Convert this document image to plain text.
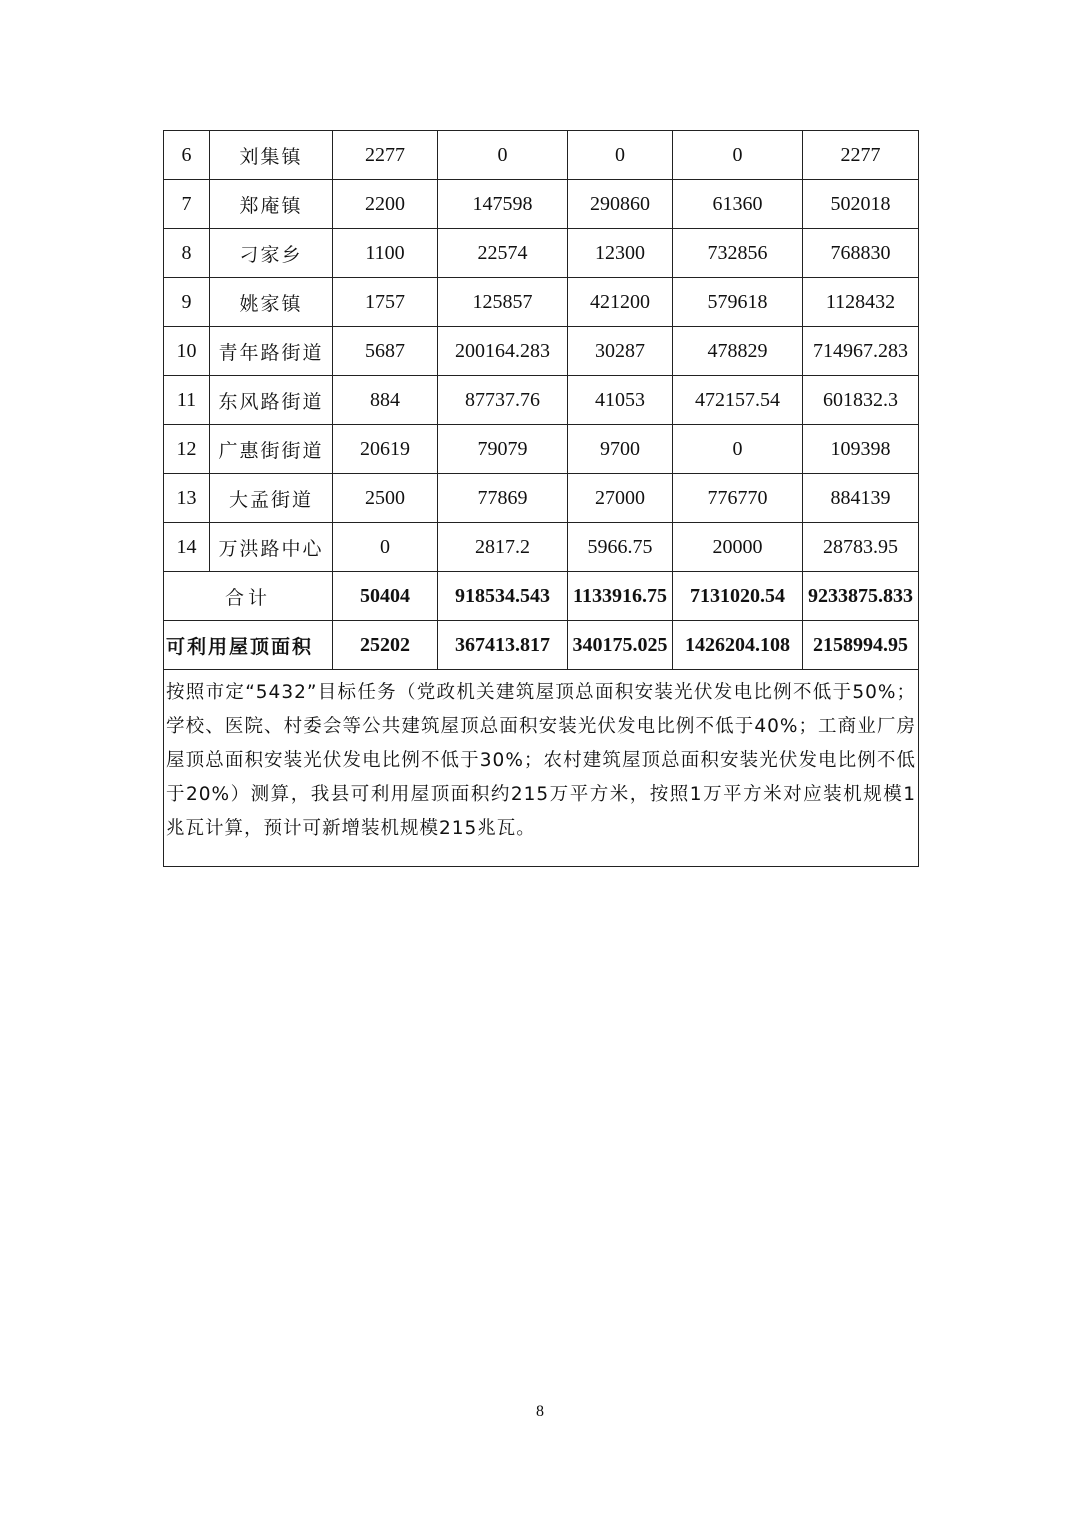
6	刘集镇	2277	0	0	0	2277
7	郑庵镇	2200	147598	290860	61360	502018
8	刁家乡	1100	22574	12300	732856	768830
9	姚家镇	1757	125857	421200	579618	1128432
10	青年路街道	5687	200164.283	30287	478829	714967.283
11	东风路街道	884	87737.76	41053	472157.54	601832.3
12	广惠街街道	20619	79079	9700	0	109398
13	大孟街道	2500	77869	27000	776770	884139
14	万洪路中心	0	2817.2	5966.75	20000	28783.95
合计		50404	918534.543	1133916.75	7131020.54	9233875.833
可利用屋顶面积		25202	367413.817	340175.025	1426204.108	2158994.95
按照市定“5432”目标任务（党政机关建筑屋顶总面积安装光伏发电比例不低于50%；学校、医院、村委会等公共建筑屋顶总面积安装光伏发电比例不低于40%；工商业厂房屋顶总面积安装光伏发电比例不低于30%；农村建筑屋顶总面积安装光伏发电比例不低于20%）测算，我县可利用屋顶面积约215万平方米，按照1万平方米对应装机规模1兆瓦计算，预计可新增装机规模215兆瓦。						
8
